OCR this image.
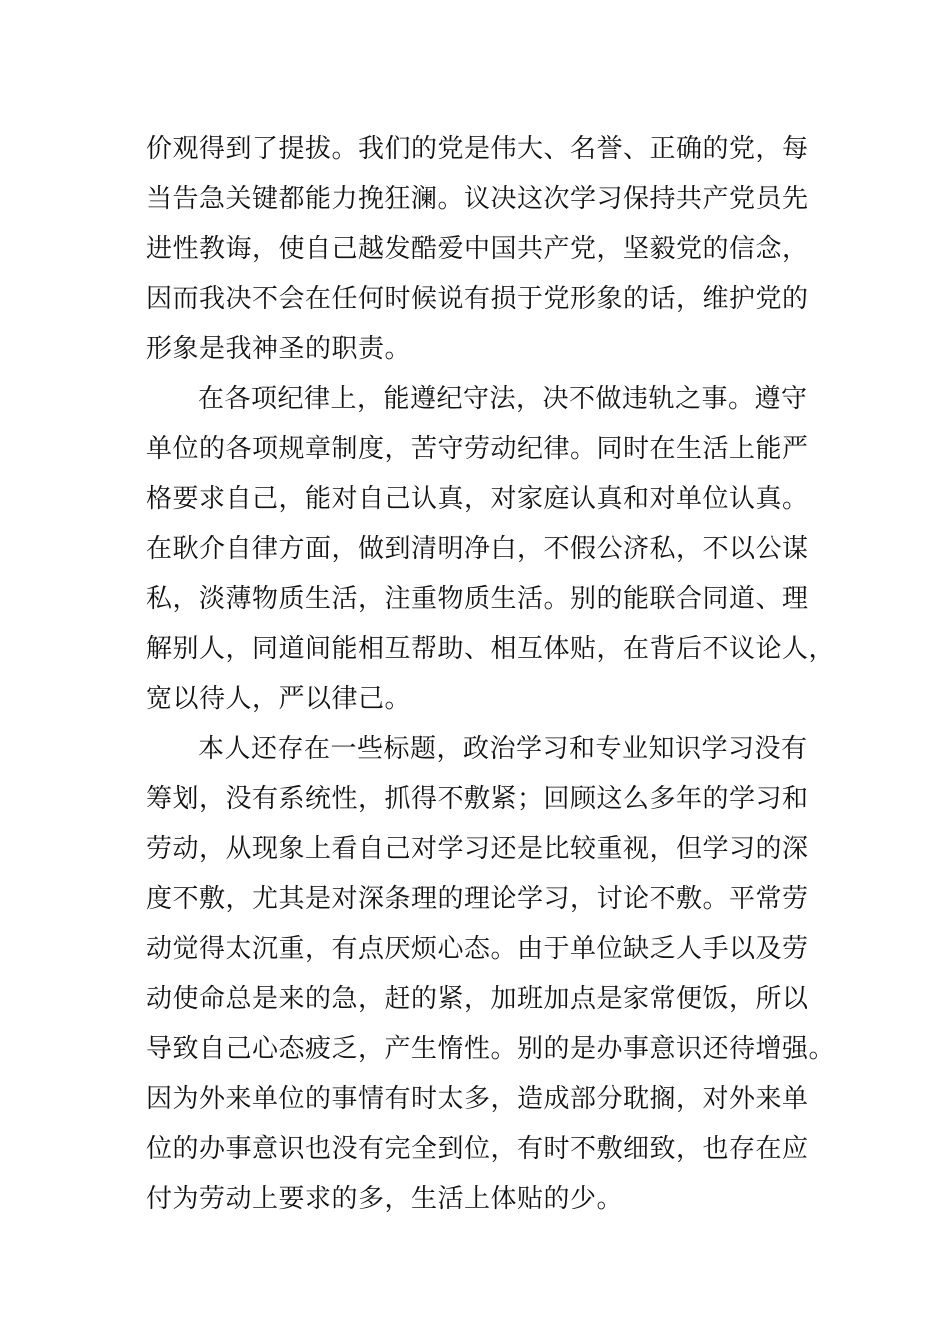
价观得到了提拔。我们的党是伟大、名誉、正确的党，每
当告急关键都能力挽狂澜。议决这次学习保持共产党员先
进性教诲，使自己越发酷爱中国共产党，坚毅党的信念，
因而我决不会在任何时候说有损于党形象的话，维护党的
形象是我神圣的职责。
在各项纪律上，能遵纪守法，决不做违轨之事。遵守
单位的各项规章制度，苦守劳动纪律。同时在生活上能严
格要求自己，能对自己认真，对家庭认真和对单位认真。
在耿介自律方面，做到清明净白，不假公济私，不以公谋
私，淡薄物质生活，注重物质生活。别的能联合同道、理
解别人，同道间能相互帮助、相互体贴，在背后不议论人，
宽以待人，严以律己。
本人还存在一些标题，政治学习和专业知识学习没有
筹划，没有系统性，抓得不敷紧；回顾这么多年的学习和
劳动，从现象上看自己对学习还是比较重视，但学习的深
度不敷，尤其是对深条理的理论学习，讨论不敷。平常劳
动觉得太沉重，有点厌烦心态。由于单位缺乏人手以及劳
动使命总是来的急，赶的紧，加班加点是家常便饭，所以
导致自己心态疲乏，产生惰性。别的是办事意识还待增强。
因为外来单位的事情有时太多，造成部分耽搁，对外来单
位的办事意识也没有完全到位，有时不敷细致，也存在应
付为劳动上要求的多，生活上体贴的少。
